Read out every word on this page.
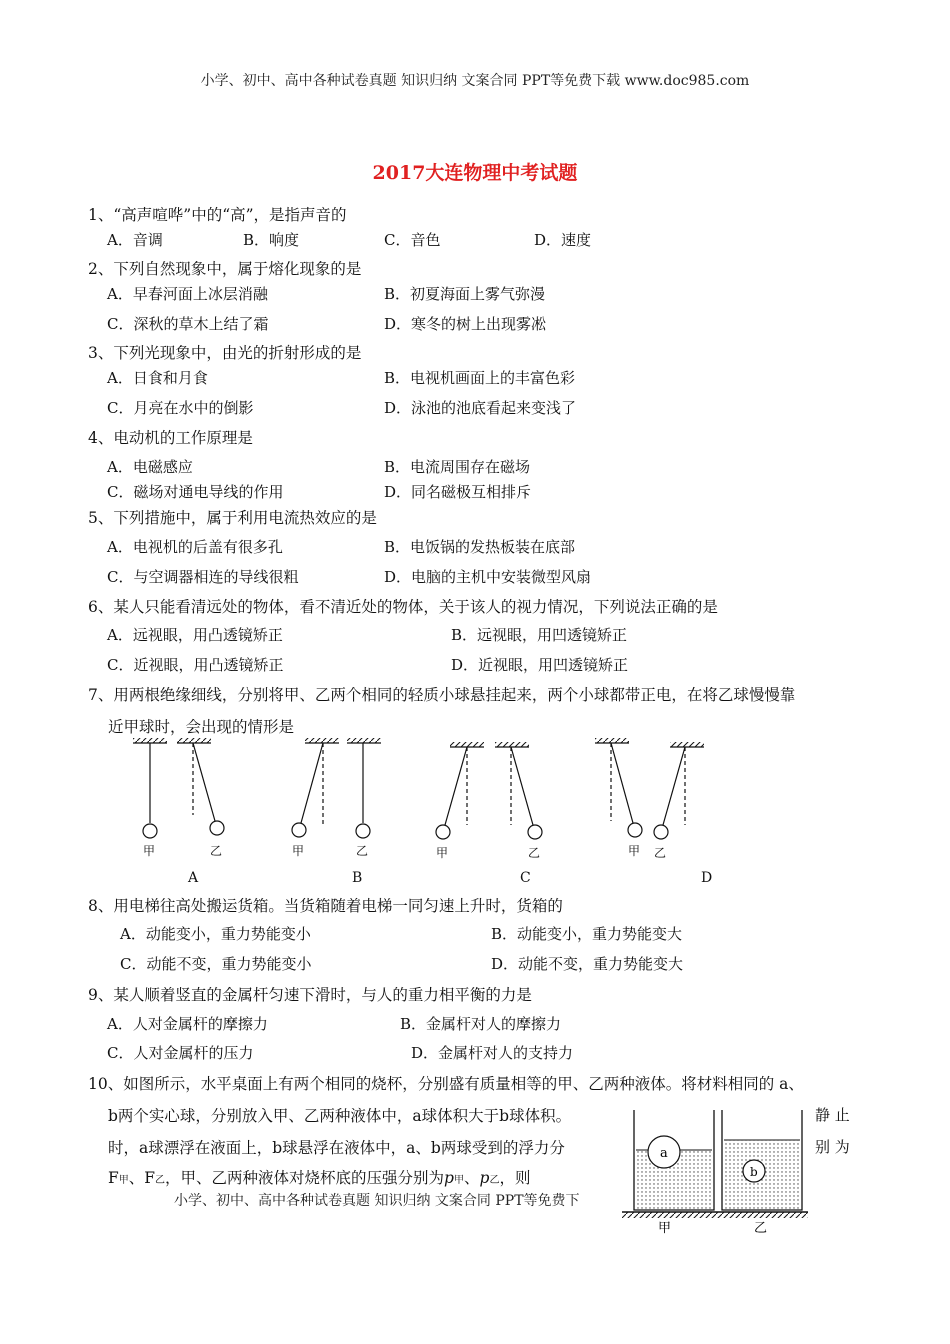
小学、初中、高中各种试卷真题 知识归纳 文案合同 PPT等免费下载 www.doc985.com
2017大连物理中考试题
1、“高声喧哗”中的“高”，是指声音的
A．音调	B．响度	C．音色	D．速度
2、下列自然现象中，属于熔化现象的是
A．早春河面上冰层消融	B．初夏海面上雾气弥漫
C．深秋的草木上结了霜	D．寒冬的树上出现雾凇
3、下列光现象中，由光的折射形成的是
A．日食和月食	B．电视机画面上的丰富色彩
C．月亮在水中的倒影	D．泳池的池底看起来变浅了
4、电动机的工作原理是
A．电磁感应	B．电流周围存在磁场
C．磁场对通电导线的作用	D．同名磁极互相排斥
5、下列措施中，属于利用电流热效应的是
A．电视机的后盖有很多孔	B．电饭锅的发热板装在底部
C．与空调器相连的导线很粗	D．电脑的主机中安装微型风扇
6、某人只能看清远处的物体，看不清近处的物体，关于该人的视力情况，下列说法正确的是
A．远视眼，用凸透镜矫正	B．远视眼，用凹透镜矫正
C．近视眼，用凸透镜矫正	D．近视眼，用凹透镜矫正
7、用两根绝缘细线，分别将甲、乙两个相同的轻质小球悬挂起来，两个小球都带正电，在将乙球慢慢靠
近甲球时，会出现的情形是
甲	乙	甲	乙	甲	乙	甲 乙
A	B	C	D
8、用电梯往高处搬运货箱。当货箱随着电梯一同匀速上升时，货箱的
A．动能变小，重力势能变小	B．动能变小，重力势能变大
C．动能不变，重力势能变小	D．动能不变，重力势能变大
9、某人顺着竖直的金属杆匀速下滑时，与人的重力相平衡的力是
A．人对金属杆的摩擦力	B．金属杆对人的摩擦力
C．人对金属杆的压力	D．金属杆对人的支持力
10、如图所示，水平桌面上有两个相同的烧杯，分别盛有质量相等的甲、乙两种液体。将材料相同的 a、
b两个实心球，分别放入甲、乙两种液体中，a球体积大于b球体积。	静 止
时，a球漂浮在液面上，b球悬浮在液体中，a、b两球受到的浮力分	别 为
F甲、F乙，甲、乙两种液体对烧杯底的压强分别为p甲、p乙，则
a
b
甲	乙
小学、初中、高中各种试卷真题 知识归纳 文案合同 PPT等免费下
